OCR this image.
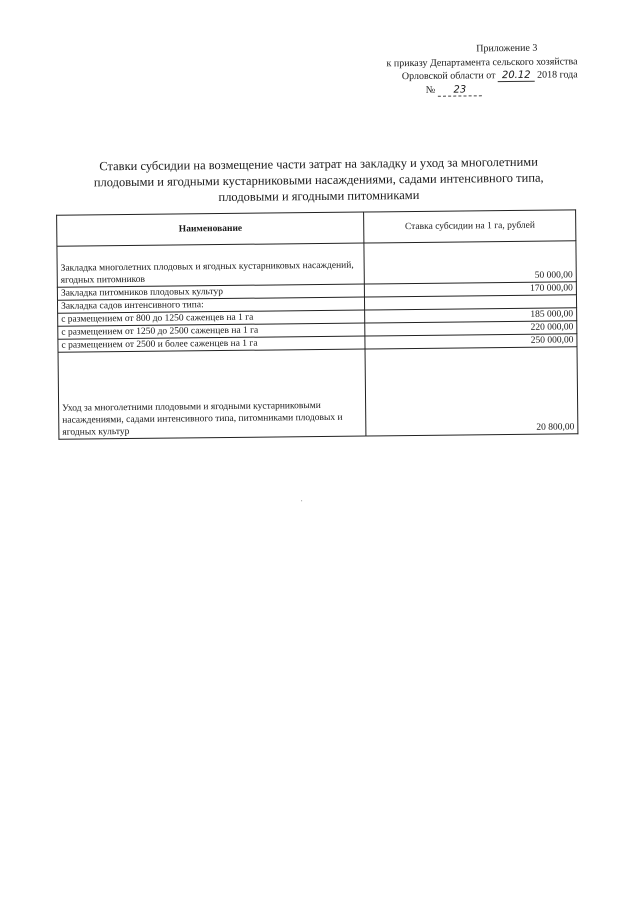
Приложение 3
к приказу Департамента сельского хозяйства
Орловской области от 20.12 2018 года
№ 23
Ставки субсидии на возмещение части затрат на закладку и уход за многолетними
плодовыми и ягодными кустарниковыми насаждениями, садами интенсивного типа,
плодовыми и ягодными питомниками
Наименование	Ставка субсидии на 1 га, рублей
Закладка многолетних плодовых и ягодных кустарниковых насаждений, ягодных питомников	50 000,00
Закладка питомников плодовых культур	170 000,00
Закладка садов интенсивного типа:	
с размещением от 800 до 1250 саженцев на 1 га	185 000,00
с размещением от 1250 до 2500 саженцев на 1 га	220 000,00
с размещением от 2500 и более саженцев на 1 га	250 000,00
Уход за многолетними плодовыми и ягодными кустарниковыми насаждениями, садами интенсивного типа, питомниками плодовых и ягодных культур	20 800,00
